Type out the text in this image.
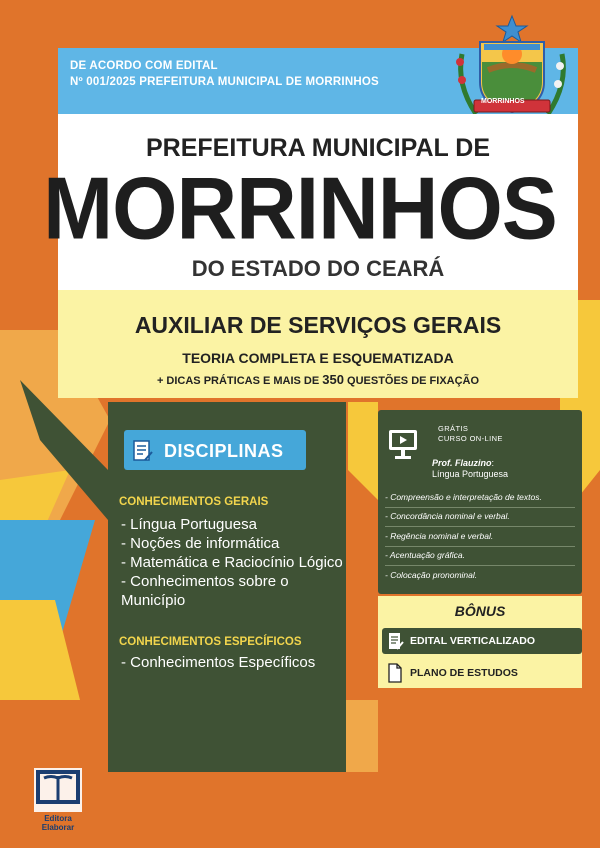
DE ACORDO COM EDITAL
Nº 001/2025 PREFEITURA MUNICIPAL DE MORRINHOS
MORRINHOS
PREFEITURA MUNICIPAL DE
MORRINHOS
DO ESTADO DO CEARÁ
AUXILIAR DE SERVIÇOS GERAIS
TEORIA COMPLETA E ESQUEMATIZADA
+ DICAS PRÁTICAS E MAIS DE 350 QUESTÕES DE FIXAÇÃO
DISCIPLINAS
CONHECIMENTOS GERAIS
- Língua Portuguesa
- Noções de informática
- Matemática e Raciocínio Lógico
- Conhecimentos sobre o Município
CONHECIMENTOS ESPECÍFICOS
- Conhecimentos Específicos
GRÁTIS
CURSO ON-LINE
Prof. Flauzino:
Língua Portuguesa
- Compreensão e interpretação de textos.
- Concordância nominal e verbal.
- Regência nominal e verbal.
- Acentuação gráfica.
- Colocação pronominal.
BÔNUS
EDITAL VERTICALIZADO
PLANO DE ESTUDOS
Editora
Elaborar
